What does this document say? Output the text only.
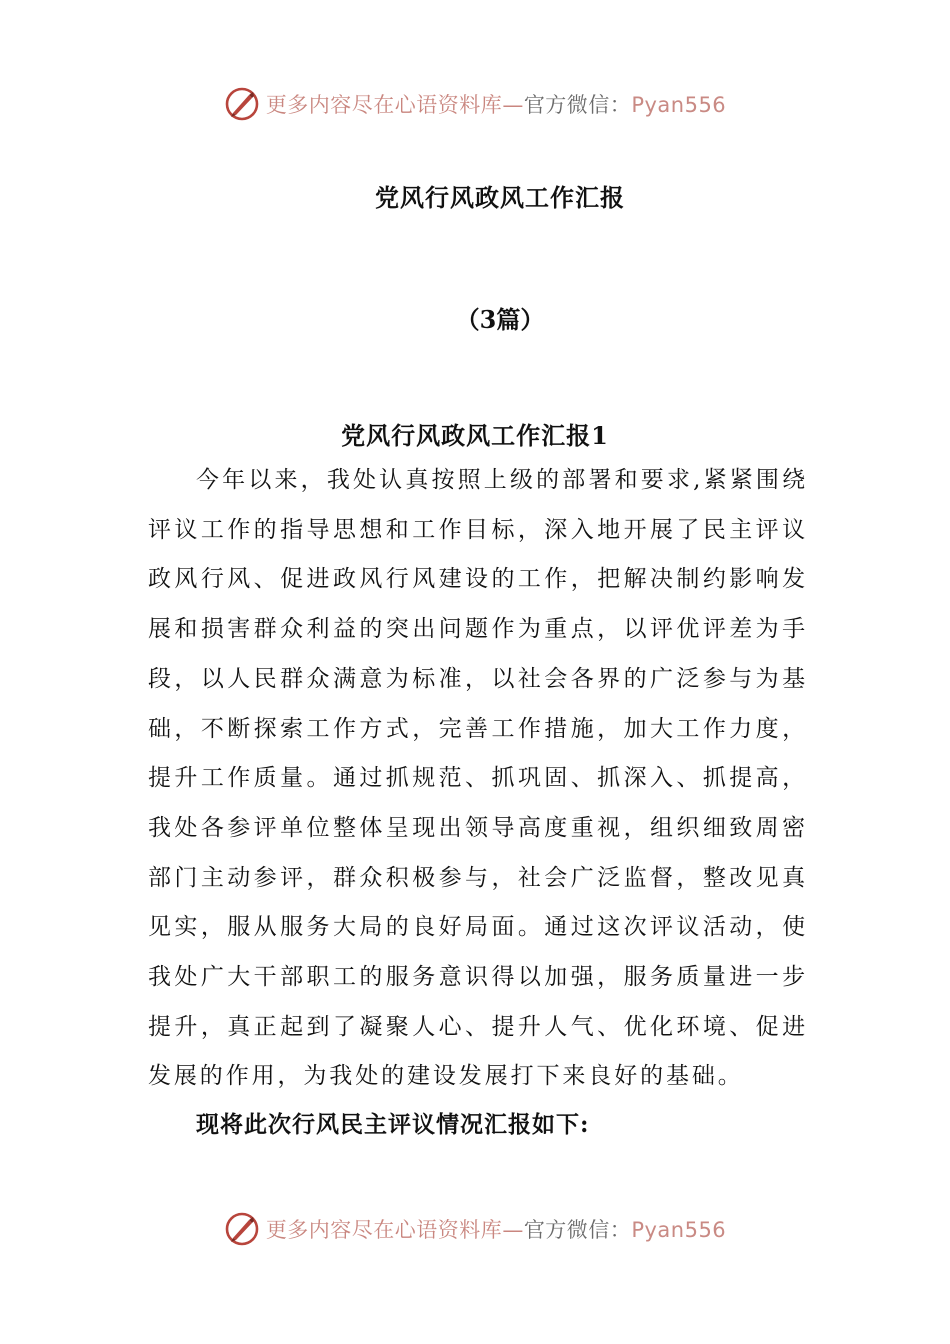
更多内容尽在心语资料库—官方微信：Pyan556
党风行风政风工作汇报
（3篇）
党风行风政风工作汇报1

今年以来，我处认真按照上级的部署和要求,紧紧围绕评议工作的指导思想和工作目标，深入地开展了民主评议政风行风、促进政风行风建设的工作，把解决制约影响发展和损害群众利益的突出问题作为重点，以评优评差为手段，以人民群众满意为标准，以社会各界的广泛参与为基础，不断探索工作方式，完善工作措施，加大工作力度，提升工作质量。通过抓规范、抓巩固、抓深入、抓提高，我处各参评单位整体呈现出领导高度重视，组织细致周密部门主动参评，群众积极参与，社会广泛监督，整改见真见实，服从服务大局的良好局面。通过这次评议活动，使我处广大干部职工的服务意识得以加强，服务质量进一步提升，真正起到了凝聚人心、提升人气、优化环境、促进发展的作用，为我处的建设发展打下来良好的基础。

现将此次行风民主评议情况汇报如下:
更多内容尽在心语资料库—官方微信：Pyan556
